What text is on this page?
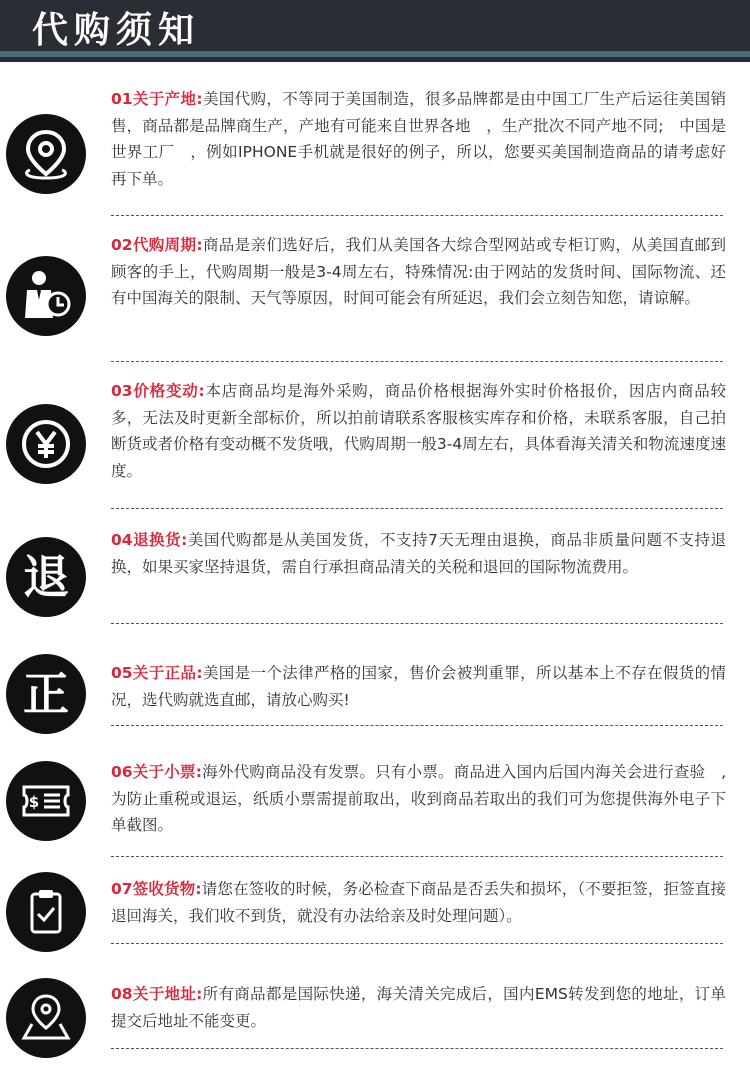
代购须知
01关于产地:美国代购，不等同于美国制造，很多品牌都是由中国工厂生产后运往美国销售，商品都是品牌商生产，产地有可能来自世界各地　，生产批次不同产地不同;　中国是世界工厂　，例如IPHONE手机就是很好的例子，所以，您要买美国制造商品的请考虑好再下单。
02代购周期:商品是亲们选好后，我们从美国各大综合型网站或专柜订购，从美国直邮到顾客的手上，代购周期一般是3-4周左右，特殊情况:由于网站的发货时间、国际物流、还有中国海关的限制、天气等原因，时间可能会有所延迟，我们会立刻告知您，请谅解。
03价格变动:本店商品均是海外采购，商品价格根据海外实时价格报价，因店内商品较多，无法及时更新全部标价，所以拍前请联系客服核实库存和价格，未联系客服，自己拍断货或者价格有变动概不发货哦，代购周期一般3-4周左右，具体看海关清关和物流速度速度。
退
04退换货:美国代购都是从美国发货，不支持7天无理由退换，商品非质量问题不支持退换，如果买家坚持退货，需自行承担商品清关的关税和退回的国际物流费用。
正	05关于正品:美国是一个法律严格的国家，售价会被判重罪，所以基本上不存在假货的情况，选代购就选直邮，请放心购买!
$
06关于小票:海外代购商品没有发票。只有小票。商品进入国内后国内海关会进行查验　,为防止重税或退运，纸质小票需提前取出，收到商品若取出的我们可为您提供海外电子下单截图。
07签收货物:请您在签收的时候，务必检查下商品是否丢失和损坏，（不要拒签，拒签直接退回海关，我们收不到货，就没有办法给亲及时处理问题）。
08关于地址:所有商品都是国际快递，海关清关完成后，国内EMS转发到您的地址，订单提交后地址不能变更。
